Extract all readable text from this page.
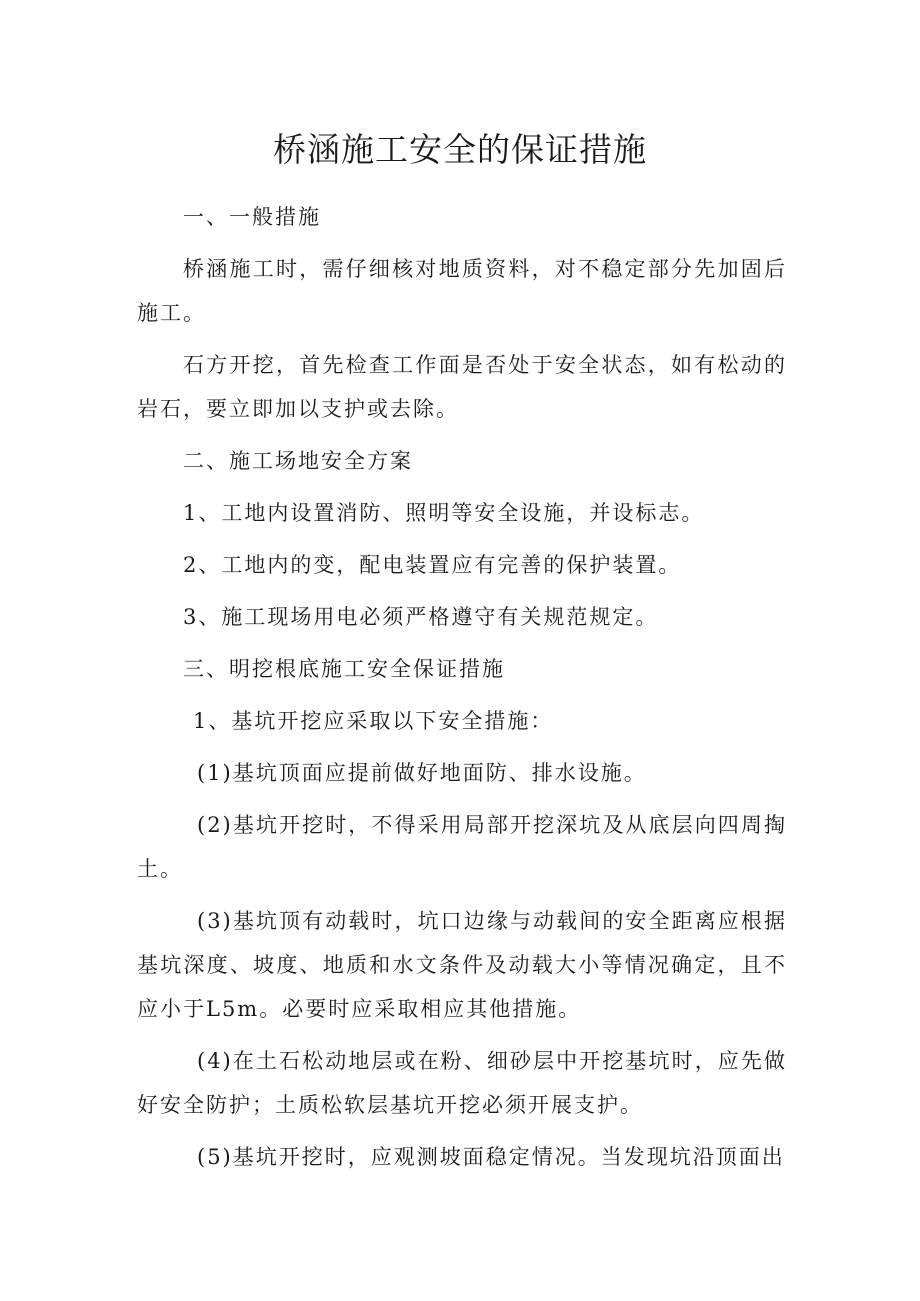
桥涵施工安全的保证措施

一、一般措施

桥涵施工时，需仔细核对地质资料，对不稳定部分先加固后施工。

石方开挖，首先检查工作面是否处于安全状态，如有松动的岩石，要立即加以支护或去除。

二、施工场地安全方案

1、工地内设置消防、照明等安全设施，并设标志。

2、工地内的变，配电装置应有完善的保护装置。

3、施工现场用电必须严格遵守有关规范规定。

三、明挖根底施工安全保证措施

1、基坑开挖应采取以下安全措施：

(1)基坑顶面应提前做好地面防、排水设施。

(2)基坑开挖时，不得采用局部开挖深坑及从底层向四周掏土。

(3)基坑顶有动载时，坑口边缘与动载间的安全距离应根据基坑深度、坡度、地质和水文条件及动载大小等情况确定，且不应小于L5m。必要时应采取相应其他措施。

(4)在土石松动地层或在粉、细砂层中开挖基坑时，应先做好安全防护；土质松软层基坑开挖必须开展支护。

(5)基坑开挖时，应观测坡面稳定情况。当发现坑沿顶面出
